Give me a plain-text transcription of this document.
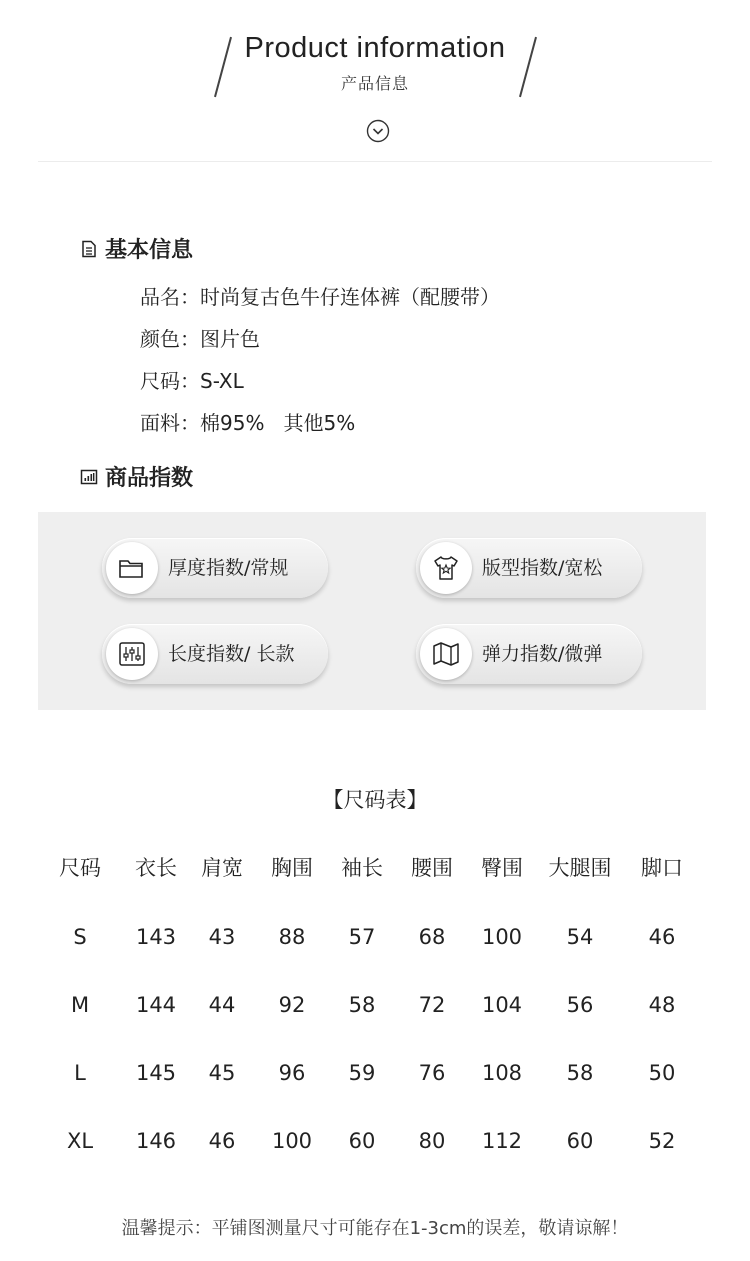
Product information
产品信息
基本信息
品名： 时尚复古色牛仔连体裤（配腰带）
颜色： 图片色
尺码： S-XL
面料： 棉95%   其他5%
商品指数
厚度指数/常规	版型指数/宽松
长度指数/ 长款	弹力指数/微弹
【尺码表】
尺码	衣长	肩宽	胸围	袖长	腰围	臀围	大腿围	脚口
S	143	43	88	57	68	100	54	46
M	144	44	92	58	72	104	56	48
L	145	45	96	59	76	108	58	50
XL	146	46	100	60	80	112	60	52
温馨提示：平铺图测量尺寸可能存在1-3cm的误差，敬请谅解！
